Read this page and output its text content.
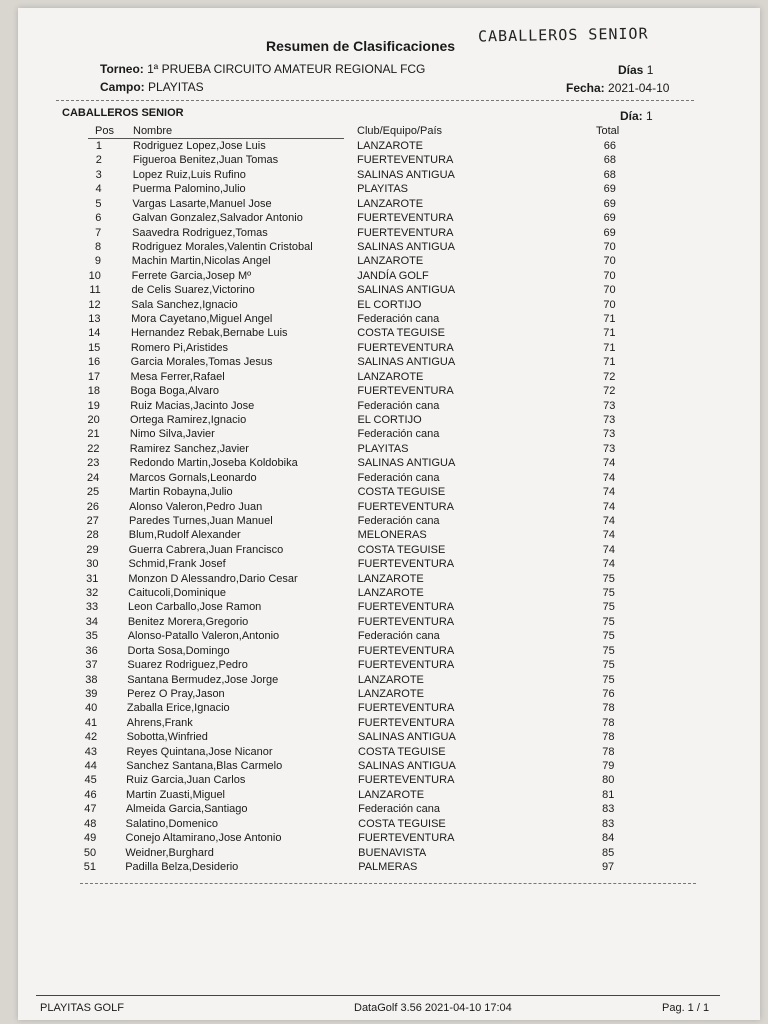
Resumen de Clasificaciones
CABALLEROS SENIOR
Torneo: 1ª PRUEBA CIRCUITO AMATEUR REGIONAL FCG	Días 1
Campo: PLAYITAS	Fecha: 2021-04-10
CABALLEROS SENIOR	Día: 1
Pos Nombre	Club/Equipo/País	Total
1	Rodriguez Lopez,Jose Luis	LANZAROTE	66
2	Figueroa Benitez,Juan Tomas	FUERTEVENTURA	68
3	Lopez Ruiz,Luis Rufino	SALINAS ANTIGUA	68
4	Puerma Palomino,Julio	PLAYITAS	69
5	Vargas Lasarte,Manuel Jose	LANZAROTE	69
6	Galvan Gonzalez,Salvador Antonio	FUERTEVENTURA	69
7	Saavedra Rodriguez,Tomas	FUERTEVENTURA	69
8	Rodriguez Morales,Valentin Cristobal	SALINAS ANTIGUA	70
9	Machin Martin,Nicolas Angel	LANZAROTE	70
10	Ferrete Garcia,Josep Mº	JANDÍA GOLF	70
11	de Celis Suarez,Victorino	SALINAS ANTIGUA	70
12	Sala Sanchez,Ignacio	EL CORTIJO	70
13	Mora Cayetano,Miguel Angel	Federación cana	71
14	Hernandez Rebak,Bernabe Luis	COSTA TEGUISE	71
15	Romero Pi,Aristides	FUERTEVENTURA	71
16	Garcia Morales,Tomas Jesus	SALINAS ANTIGUA	71
17	Mesa Ferrer,Rafael	LANZAROTE	72
18	Boga Boga,Alvaro	FUERTEVENTURA	72
19	Ruiz Macias,Jacinto Jose	Federación cana	73
20	Ortega Ramirez,Ignacio	EL CORTIJO	73
21	Nimo Silva,Javier	Federación cana	73
22	Ramirez Sanchez,Javier	PLAYITAS	73
23	Redondo Martin,Joseba Koldobika	SALINAS ANTIGUA	74
24	Marcos Gornals,Leonardo	Federación cana	74
25	Martin Robayna,Julio	COSTA TEGUISE	74
26	Alonso Valeron,Pedro Juan	FUERTEVENTURA	74
27	Paredes Turnes,Juan Manuel	Federación cana	74
28	Blum,Rudolf Alexander	MELONERAS	74
29	Guerra Cabrera,Juan Francisco	COSTA TEGUISE	74
30	Schmid,Frank Josef	FUERTEVENTURA	74
31	Monzon D Alessandro,Dario Cesar	LANZAROTE	75
32	Caitucoli,Dominique	LANZAROTE	75
33	Leon Carballo,Jose Ramon	FUERTEVENTURA	75
34	Benitez Morera,Gregorio	FUERTEVENTURA	75
35	Alonso-Patallo Valeron,Antonio	Federación cana	75
36	Dorta Sosa,Domingo	FUERTEVENTURA	75
37	Suarez Rodriguez,Pedro	FUERTEVENTURA	75
38	Santana Bermudez,Jose Jorge	LANZAROTE	75
39	Perez O Pray,Jason	LANZAROTE	76
40	Zaballa Erice,Ignacio	FUERTEVENTURA	78
41	Ahrens,Frank	FUERTEVENTURA	78
42	Sobotta,Winfried	SALINAS ANTIGUA	78
43	Reyes Quintana,Jose Nicanor	COSTA TEGUISE	78
44	Sanchez Santana,Blas Carmelo	SALINAS ANTIGUA	79
45	Ruiz Garcia,Juan Carlos	FUERTEVENTURA	80
46	Martin Zuasti,Miguel	LANZAROTE	81
47	Almeida Garcia,Santiago	Federación cana	83
48	Salatino,Domenico	COSTA TEGUISE	83
49	Conejo Altamirano,Jose Antonio	FUERTEVENTURA	84
50	Weidner,Burghard	BUENAVISTA	85
51	Padilla Belza,Desiderio	PALMERAS	97
PLAYITAS GOLF	DataGolf 3.56 2021-04-10 17:04	Pag. 1 / 1
